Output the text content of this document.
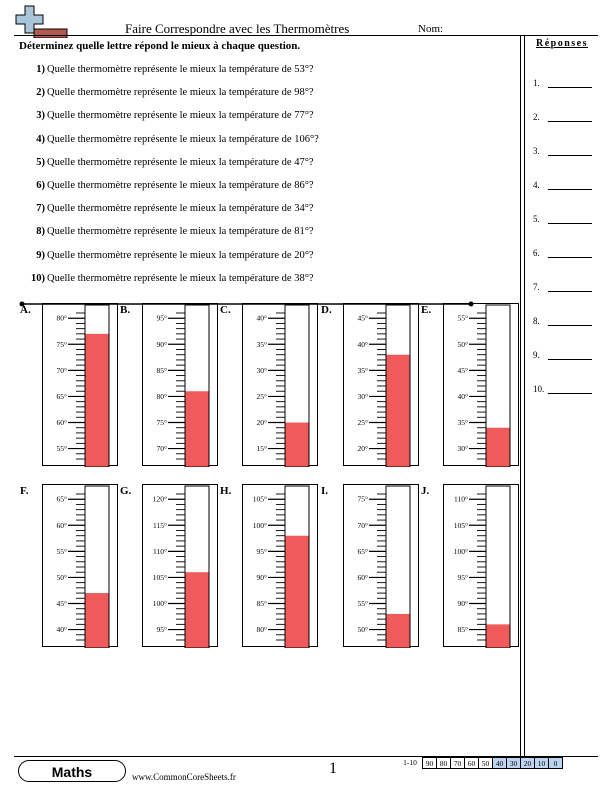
Faire Correspondre avec les Thermomètres	Nom:
Déterminez quelle lettre répond le mieux à chaque question.
1) Quelle thermomètre représente le mieux la température de 53°?
2) Quelle thermomètre représente le mieux la température de 98°?
3) Quelle thermomètre représente le mieux la température de 77°?
4) Quelle thermomètre représente le mieux la température de 106°?
5) Quelle thermomètre représente le mieux la température de 47°?
6) Quelle thermomètre représente le mieux la température de 86°?
7) Quelle thermomètre représente le mieux la température de 34°?
8) Quelle thermomètre représente le mieux la température de 81°?
9) Quelle thermomètre représente le mieux la température de 20°?
10) Quelle thermomètre représente le mieux la température de 38°?
A.
80°
75°
70°
65°
60°
55°
B.
95°
90°
85°
80°
75°
70°
C.
40°
35°
30°
25°
20°
15°
D.
45°
40°
35°
30°
25°
20°
E.
55°
50°
45°
40°
35°
30°
F.
65°
60°
55°
50°
45°
40°
G.
120°
115°
110°
105°
100°
95°
H.
105°
100°
95°
90°
85°
80°
I.
75°
70°
65°
60°
55°
50°
J.
110°
105°
100°
95°
90°
85°
Réponses
1.
2.
3.
4.
5.
6.
7.
8.
9.
10.
Maths	www.CommonCoreSheets.fr	1	1-10	90 80 70 60 50 40 30 20 10	0
